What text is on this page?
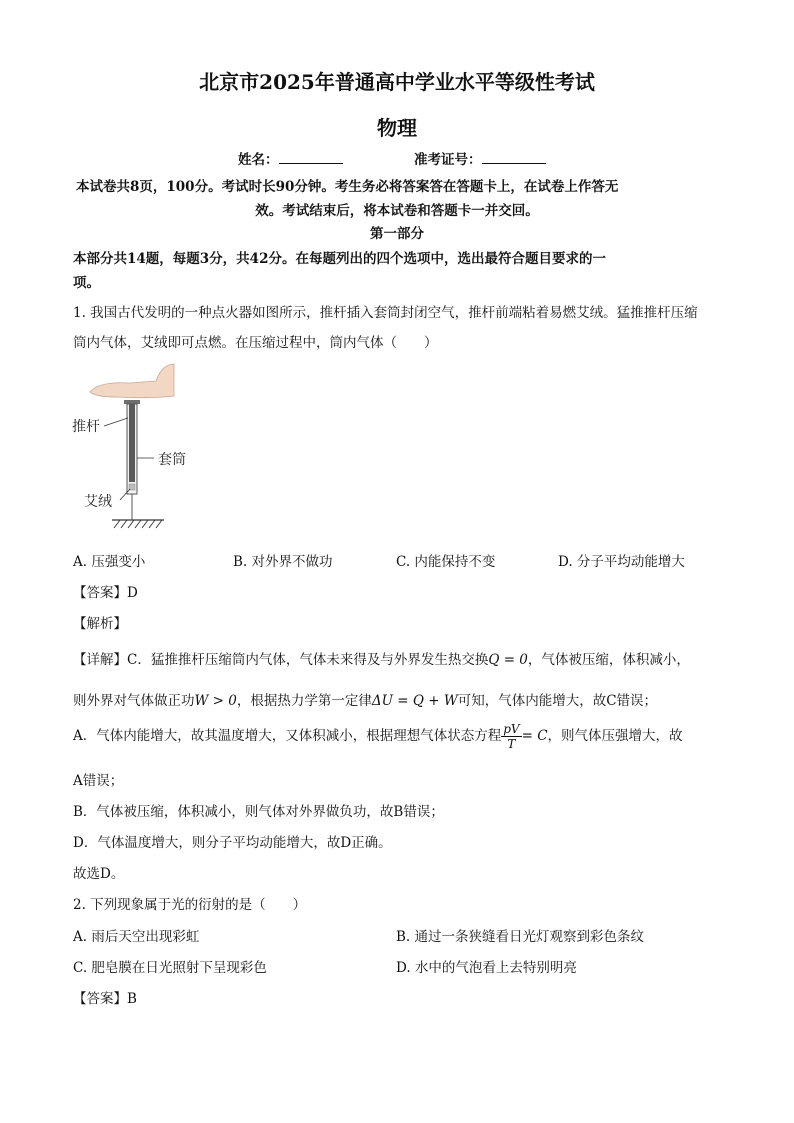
北京市2025年普通高中学业水平等级性考试
物理
姓名：	准考证号：
本试卷共8页，100分。考试时长90分钟。考生务必将答案答在答题卡上，在试卷上作答无
效。考试结束后，将本试卷和答题卡一并交回。
第一部分
本部分共14题，每题3分，共42分。在每题列出的四个选项中，选出最符合题目要求的一
项。
1. 我国古代发明的一种点火器如图所示，推杆插入套筒封闭空气，推杆前端粘着易燃艾绒。猛推推杆压缩
筒内气体，艾绒即可点燃。在压缩过程中，筒内气体（　　）
推杆
套筒
艾绒
A. 压强变小	B. 对外界不做功	C. 内能保持不变	D. 分子平均动能增大
【答案】D
【解析】
【详解】C．猛推推杆压缩筒内气体，气体未来得及与外界发生热交换Q = 0，气体被压缩，体积减小，
则外界对气体做正功W > 0，根据热力学第一定律ΔU = Q + W可知，气体内能增大，故C错误；
A．气体内能增大，故其温度增大，又体积减小，根据理想气体状态方程 $\frac{pV}{T} = C$，则气体压强增大，故
A错误；
B．气体被压缩，体积减小，则气体对外界做负功，故B错误；
D．气体温度增大，则分子平均动能增大，故D正确。
故选D。
2. 下列现象属于光的衍射的是（　　）
A. 雨后天空出现彩虹	B. 通过一条狭缝看日光灯观察到彩色条纹
C. 肥皂膜在日光照射下呈现彩色	D. 水中的气泡看上去特别明亮
【答案】B
